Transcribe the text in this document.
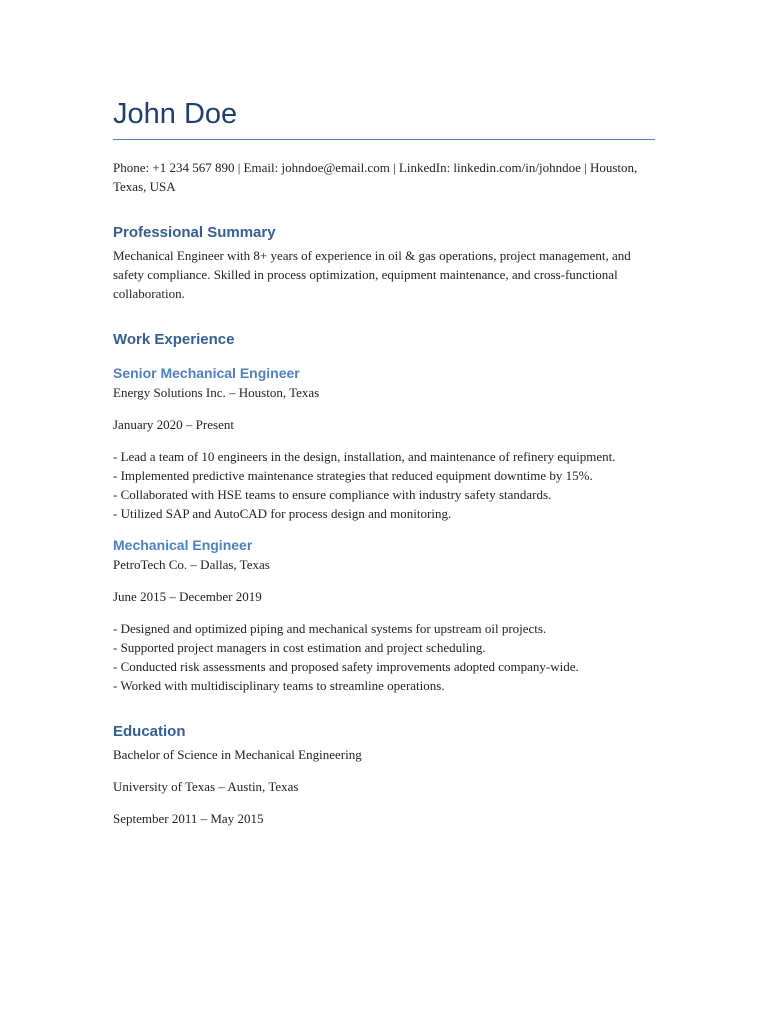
John Doe

Phone: +1 234 567 890 | Email: johndoe@email.com | LinkedIn: linkedin.com/in/johndoe | Houston, Texas, USA

Professional Summary

Mechanical Engineer with 8+ years of experience in oil & gas operations, project management, and safety compliance. Skilled in process optimization, equipment maintenance, and cross-functional collaboration.

Work Experience
Senior Mechanical Engineer

Energy Solutions Inc. – Houston, Texas

January 2020 – Present

- Lead a team of 10 engineers in the design, installation, and maintenance of refinery equipment.

- Implemented predictive maintenance strategies that reduced equipment downtime by 15%.

- Collaborated with HSE teams to ensure compliance with industry safety standards.

- Utilized SAP and AutoCAD for process design and monitoring.

Mechanical Engineer

PetroTech Co. – Dallas, Texas

June 2015 – December 2019

- Designed and optimized piping and mechanical systems for upstream oil projects.

- Supported project managers in cost estimation and project scheduling.

- Conducted risk assessments and proposed safety improvements adopted company-wide.

- Worked with multidisciplinary teams to streamline operations.

Education

Bachelor of Science in Mechanical Engineering

University of Texas – Austin, Texas

September 2011 – May 2015
